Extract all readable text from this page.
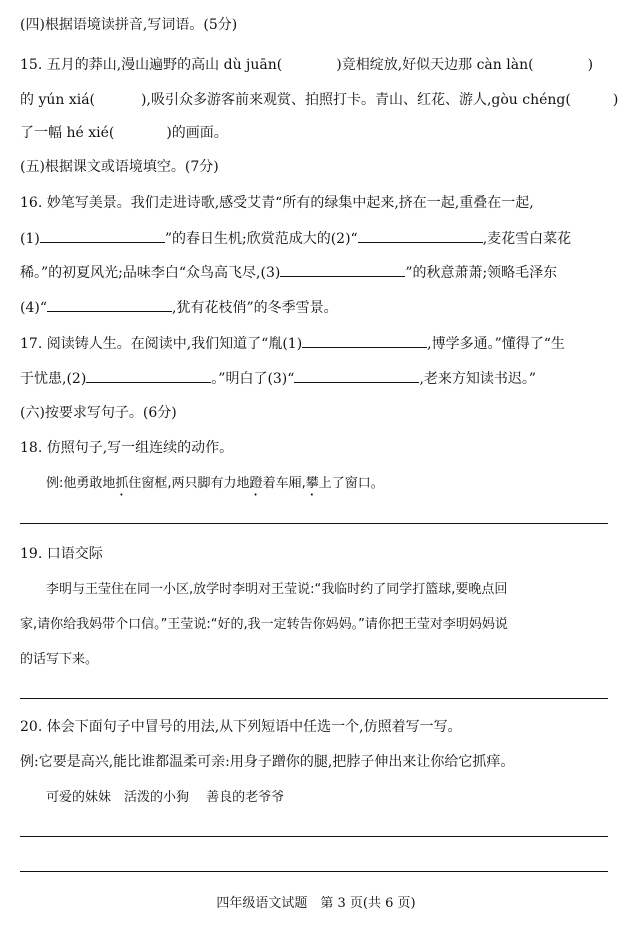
(四)根据语境读拼音,写词语。(5分)
15. 五月的莽山,漫山遍野的高山 dù juān(	)竞相绽放,好似天边那 càn làn(	)
的 yún xiá(	),吸引众多游客前来观赏、拍照打卡。青山、红花、游人,gòu chéng(	)
了一幅 hé xié(	)的画面。
(五)根据课文或语境填空。(7分)
16. 妙笔写美景。我们走进诗歌,感受艾青“所有的绿集中起来,挤在一起,重叠在一起,
(1)	”的春日生机;欣赏范成大的(2)“	,麦花雪白菜花
稀。”的初夏风光;品味李白“众鸟高飞尽,(3)	”的秋意萧萧;领略毛泽东
(4)“	,犹有花枝俏”的冬季雪景。
17. 阅读铸人生。在阅读中,我们知道了“胤(1)	,博学多通。”懂得了“生
于忧患,(2)	。”明白了(3)“	,老来方知读书迟。”
(六)按要求写句子。(6分)
18. 仿照句子,写一组连续的动作。
例:他勇敢地抓住窗框,两只脚有力地蹬着车厢,攀上了窗口。
19. 口语交际
李明与王莹住在同一小区,放学时李明对王莹说:“我临时约了同学打篮球,要晚点回
家,请你给我妈带个口信。”王莹说:“好的,我一定转告你妈妈。”请你把王莹对李明妈妈说
的话写下来。
20. 体会下面句子中冒号的用法,从下列短语中任选一个,仿照着写一写。
例:它要是高兴,能比谁都温柔可亲:用身子蹭你的腿,把脖子伸出来让你给它抓痒。
可爱的妹妹　活泼的小狗　 善良的老爷爷
四年级语文试题　第 3 页(共 6 页)
